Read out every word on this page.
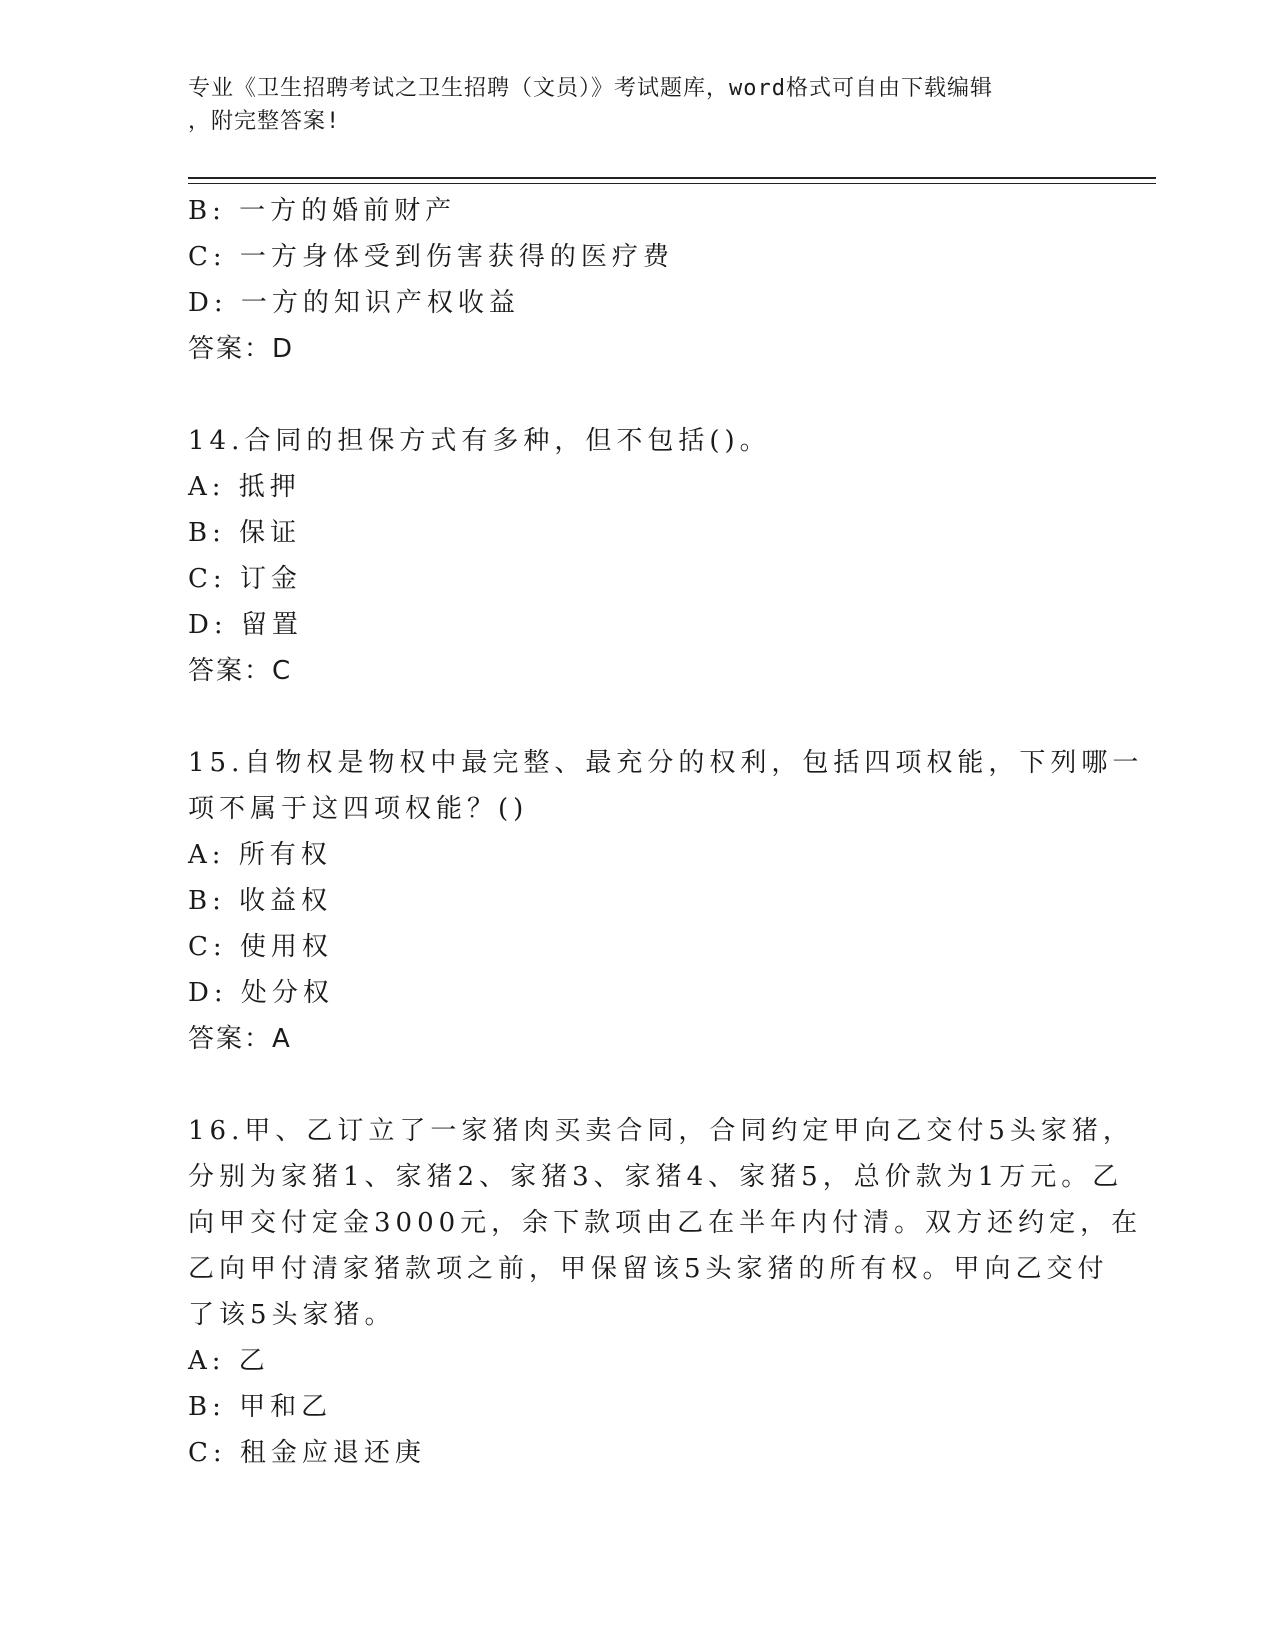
专业《卫生招聘考试之卫生招聘（文员）》考试题库，word格式可自由下载编辑
，附完整答案!
B: 一方的婚前财产
C: 一方身体受到伤害获得的医疗费
D: 一方的知识产权收益
答案：D
14.合同的担保方式有多种，但不包括()。
A: 抵押
B: 保证
C: 订金
D: 留置
答案：C
15.自物权是物权中最完整、最充分的权利，包括四项权能，下列哪一
项不属于这四项权能？()
A: 所有权
B: 收益权
C: 使用权
D: 处分权
答案：A
16.甲、乙订立了一家猪肉买卖合同，合同约定甲向乙交付5头家猪，
分别为家猪1、家猪2、家猪3、家猪4、家猪5，总价款为1万元。乙
向甲交付定金3000元，余下款项由乙在半年内付清。双方还约定，在
乙向甲付清家猪款项之前，甲保留该5头家猪的所有权。甲向乙交付
了该5头家猪。
A: 乙
B: 甲和乙
C: 租金应退还庚
